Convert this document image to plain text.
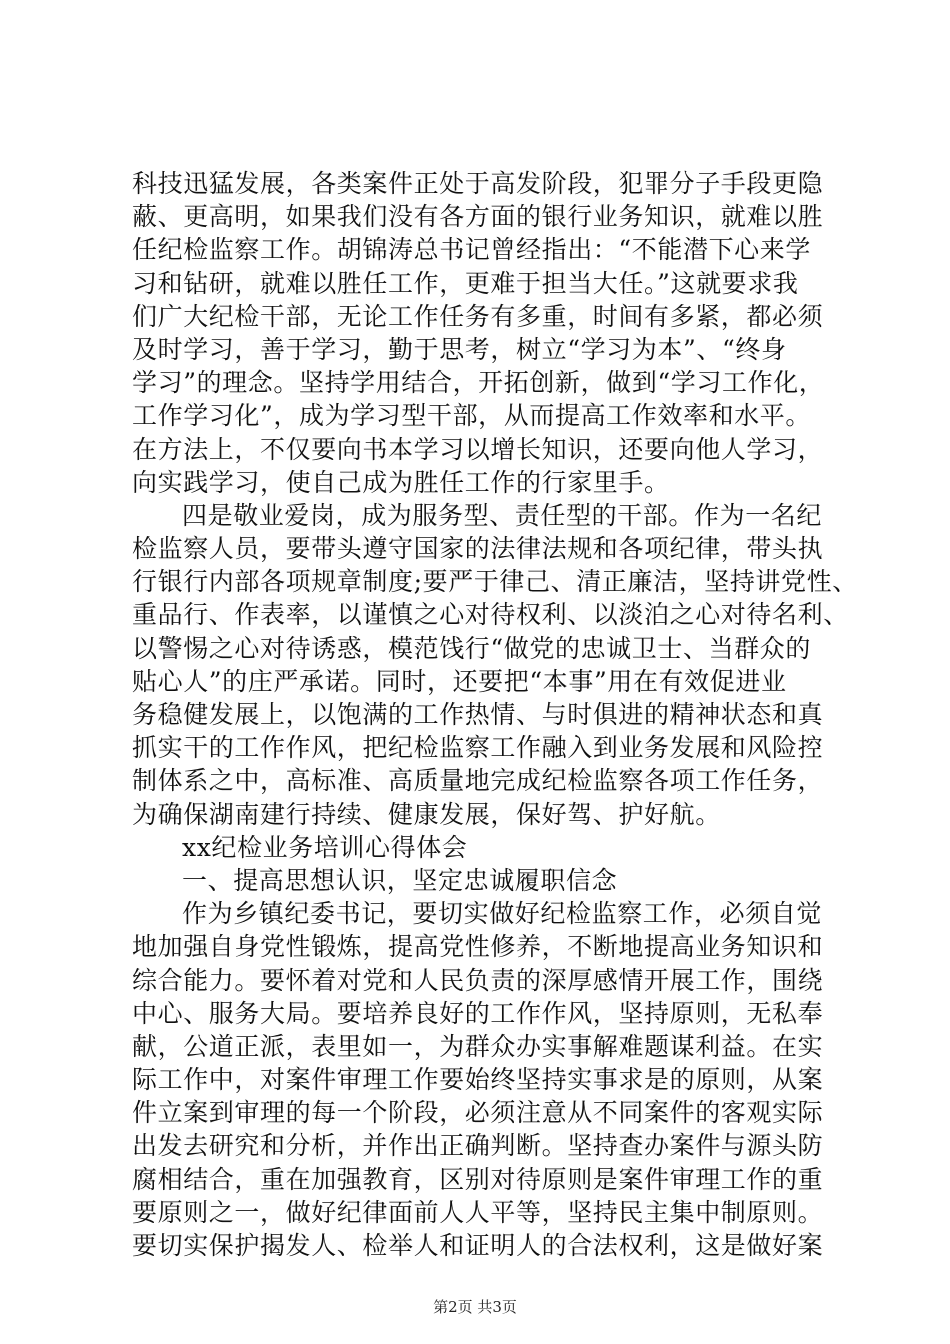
科技迅猛发展，各类案件正处于高发阶段，犯罪分子手段更隐
蔽、更高明，如果我们没有各方面的银行业务知识，就难以胜
任纪检监察工作。胡锦涛总书记曾经指出：“不能潜下心来学
习和钻研，就难以胜任工作，更难于担当大任。”这就要求我
们广大纪检干部，无论工作任务有多重，时间有多紧，都必须
及时学习，善于学习，勤于思考，树立“学习为本”、“终身
学习”的理念。坚持学用结合，开拓创新，做到“学习工作化，
工作学习化”，成为学习型干部，从而提高工作效率和水平。
在方法上，不仅要向书本学习以增长知识，还要向他人学习，
向实践学习，使自己成为胜任工作的行家里手。
四是敬业爱岗，成为服务型、责任型的干部。作为一名纪
检监察人员，要带头遵守国家的法律法规和各项纪律，带头执
行银行内部各项规章制度;要严于律己、清正廉洁，坚持讲党性、
重品行、作表率，以谨慎之心对待权利、以淡泊之心对待名利、
以警惕之心对待诱惑，模范饯行“做党的忠诚卫士、当群众的
贴心人”的庄严承诺。同时，还要把“本事”用在有效促进业
务稳健发展上，以饱满的工作热情、与时俱进的精神状态和真
抓实干的工作作风，把纪检监察工作融入到业务发展和风险控
制体系之中，高标准、高质量地完成纪检监察各项工作任务，
为确保湖南建行持续、健康发展，保好驾、护好航。
xx纪检业务培训心得体会
一、提高思想认识，坚定忠诚履职信念
作为乡镇纪委书记，要切实做好纪检监察工作，必须自觉
地加强自身党性锻炼，提高党性修养，不断地提高业务知识和
综合能力。要怀着对党和人民负责的深厚感情开展工作，围绕
中心、服务大局。要培养良好的工作作风，坚持原则，无私奉
献，公道正派，表里如一，为群众办实事解难题谋利益。在实
际工作中，对案件审理工作要始终坚持实事求是的原则，从案
件立案到审理的每一个阶段，必须注意从不同案件的客观实际
出发去研究和分析，并作出正确判断。坚持查办案件与源头防
腐相结合，重在加强教育，区别对待原则是案件审理工作的重
要原则之一，做好纪律面前人人平等，坚持民主集中制原则。
要切实保护揭发人、检举人和证明人的合法权利，这是做好案
第2页 共3页
